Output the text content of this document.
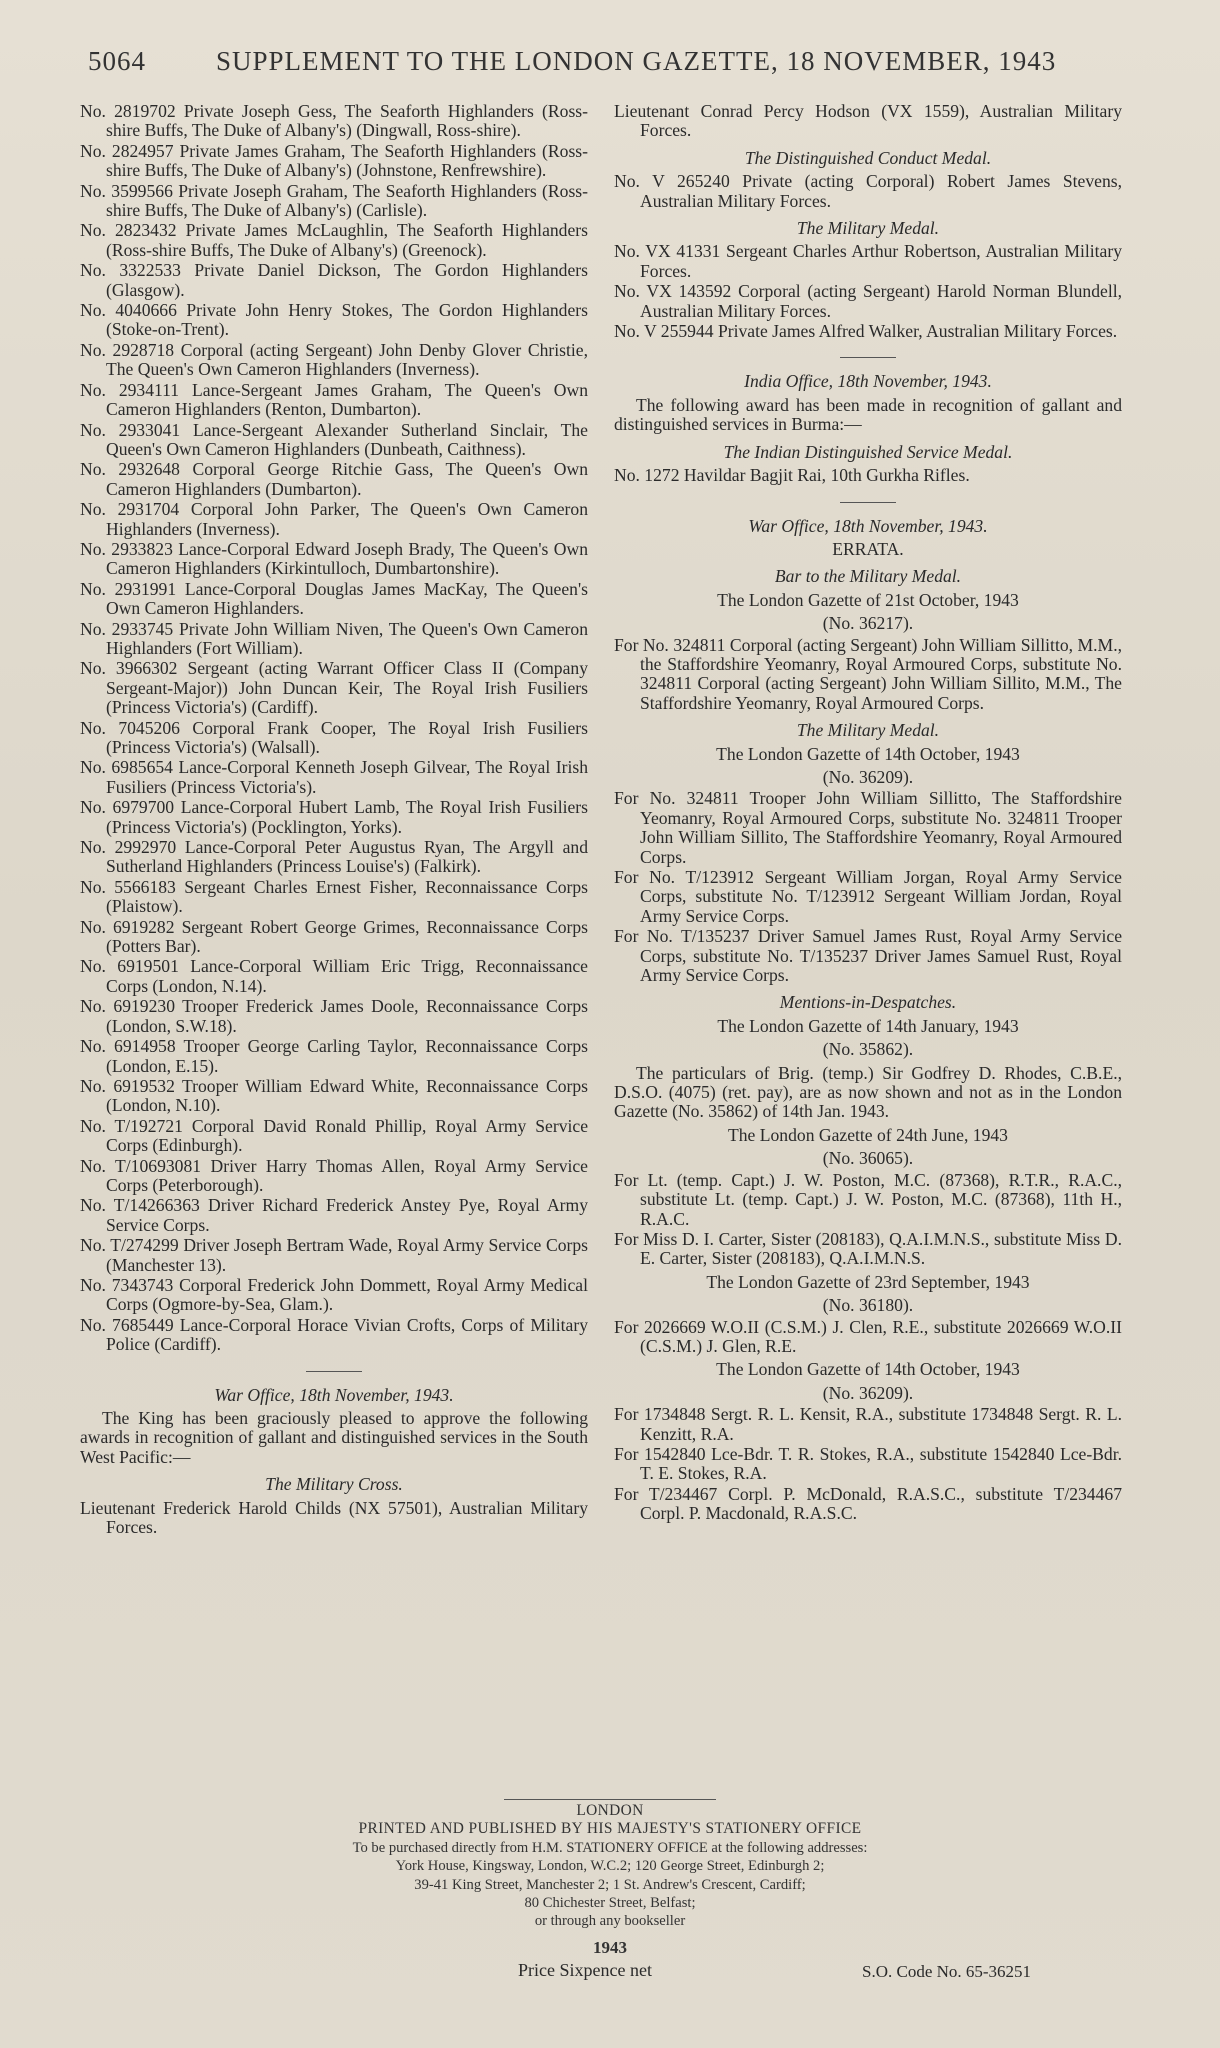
5064	SUPPLEMENT TO THE LONDON GAZETTE, 18 NOVEMBER, 1943
No. 2819702 Private Joseph Gess, The Seaforth Highlanders (Ross-shire Buffs, The Duke of Albany's) (Dingwall, Ross-shire).
No. 2824957 Private James Graham, The Seaforth Highlanders (Ross-shire Buffs, The Duke of Albany's) (Johnstone, Renfrewshire).
No. 3599566 Private Joseph Graham, The Seaforth Highlanders (Ross-shire Buffs, The Duke of Albany's) (Carlisle).
No. 2823432 Private James McLaughlin, The Seaforth Highlanders (Ross-shire Buffs, The Duke of Albany's) (Greenock).
No. 3322533 Private Daniel Dickson, The Gordon Highlanders (Glasgow).
No. 4040666 Private John Henry Stokes, The Gordon Highlanders (Stoke-on-Trent).
No. 2928718 Corporal (acting Sergeant) John Denby Glover Christie, The Queen's Own Cameron Highlanders (Inverness).
No. 2934111 Lance-Sergeant James Graham, The Queen's Own Cameron Highlanders (Renton, Dumbarton).
No. 2933041 Lance-Sergeant Alexander Sutherland Sinclair, The Queen's Own Cameron Highlanders (Dunbeath, Caithness).
No. 2932648 Corporal George Ritchie Gass, The Queen's Own Cameron Highlanders (Dumbarton).
No. 2931704 Corporal John Parker, The Queen's Own Cameron Highlanders (Inverness).
No. 2933823 Lance-Corporal Edward Joseph Brady, The Queen's Own Cameron Highlanders (Kirkintulloch, Dumbartonshire).
No. 2931991 Lance-Corporal Douglas James MacKay, The Queen's Own Cameron Highlanders.
No. 2933745 Private John William Niven, The Queen's Own Cameron Highlanders (Fort William).
No. 3966302 Sergeant (acting Warrant Officer Class II (Company Sergeant-Major)) John Duncan Keir, The Royal Irish Fusiliers (Princess Victoria's) (Cardiff).
No. 7045206 Corporal Frank Cooper, The Royal Irish Fusiliers (Princess Victoria's) (Walsall).
No. 6985654 Lance-Corporal Kenneth Joseph Gilvear, The Royal Irish Fusiliers (Princess Victoria's).
No. 6979700 Lance-Corporal Hubert Lamb, The Royal Irish Fusiliers (Princess Victoria's) (Pocklington, Yorks).
No. 2992970 Lance-Corporal Peter Augustus Ryan, The Argyll and Sutherland Highlanders (Princess Louise's) (Falkirk).
No. 5566183 Sergeant Charles Ernest Fisher, Reconnaissance Corps (Plaistow).
No. 6919282 Sergeant Robert George Grimes, Reconnaissance Corps (Potters Bar).
No. 6919501 Lance-Corporal William Eric Trigg, Reconnaissance Corps (London, N.14).
No. 6919230 Trooper Frederick James Doole, Reconnaissance Corps (London, S.W.18).
No. 6914958 Trooper George Carling Taylor, Reconnaissance Corps (London, E.15).
No. 6919532 Trooper William Edward White, Reconnaissance Corps (London, N.10).
No. T/192721 Corporal David Ronald Phillip, Royal Army Service Corps (Edinburgh).
No. T/10693081 Driver Harry Thomas Allen, Royal Army Service Corps (Peterborough).
No. T/14266363 Driver Richard Frederick Anstey Pye, Royal Army Service Corps.
No. T/274299 Driver Joseph Bertram Wade, Royal Army Service Corps (Manchester 13).
No. 7343743 Corporal Frederick John Dommett, Royal Army Medical Corps (Ogmore-by-Sea, Glam.).
No. 7685449 Lance-Corporal Horace Vivian Crofts, Corps of Military Police (Cardiff).
War Office, 18th November, 1943.
The King has been graciously pleased to approve the following awards in recognition of gallant and distinguished services in the South West Pacific:—
The Military Cross.
Lieutenant Frederick Harold Childs (NX 57501), Australian Military Forces.
Lieutenant Conrad Percy Hodson (VX 1559), Australian Military Forces.
The Distinguished Conduct Medal.
No. V 265240 Private (acting Corporal) Robert James Stevens, Australian Military Forces.
The Military Medal.
No. VX 41331 Sergeant Charles Arthur Robertson, Australian Military Forces.
No. VX 143592 Corporal (acting Sergeant) Harold Norman Blundell, Australian Military Forces.
No. V 255944 Private James Alfred Walker, Australian Military Forces.
India Office, 18th November, 1943.
The following award has been made in recognition of gallant and distinguished services in Burma:—
The Indian Distinguished Service Medal.
No. 1272 Havildar Bagjit Rai, 10th Gurkha Rifles.
War Office, 18th November, 1943.
ERRATA.
Bar to the Military Medal.
The London Gazette of 21st October, 1943
(No. 36217).
For No. 324811 Corporal (acting Sergeant) John William Sillitto, M.M., the Staffordshire Yeomanry, Royal Armoured Corps, substitute No. 324811 Corporal (acting Sergeant) John William Sillito, M.M., The Staffordshire Yeomanry, Royal Armoured Corps.
The Military Medal.
The London Gazette of 14th October, 1943
(No. 36209).
For No. 324811 Trooper John William Sillitto, The Staffordshire Yeomanry, Royal Armoured Corps, substitute No. 324811 Trooper John William Sillito, The Staffordshire Yeomanry, Royal Armoured Corps.
For No. T/123912 Sergeant William Jorgan, Royal Army Service Corps, substitute No. T/123912 Sergeant William Jordan, Royal Army Service Corps.
For No. T/135237 Driver Samuel James Rust, Royal Army Service Corps, substitute No. T/135237 Driver James Samuel Rust, Royal Army Service Corps.
Mentions-in-Despatches.
The London Gazette of 14th January, 1943
(No. 35862).
The particulars of Brig. (temp.) Sir Godfrey D. Rhodes, C.B.E., D.S.O. (4075) (ret. pay), are as now shown and not as in the London Gazette (No. 35862) of 14th Jan. 1943.
The London Gazette of 24th June, 1943
(No. 36065).
For Lt. (temp. Capt.) J. W. Poston, M.C. (87368), R.T.R., R.A.C., substitute Lt. (temp. Capt.) J. W. Poston, M.C. (87368), 11th H., R.A.C.
For Miss D. I. Carter, Sister (208183), Q.A.I.M.N.S., substitute Miss D. E. Carter, Sister (208183), Q.A.I.M.N.S.
The London Gazette of 23rd September, 1943
(No. 36180).
For 2026669 W.O.II (C.S.M.) J. Clen, R.E., substitute 2026669 W.O.II (C.S.M.) J. Glen, R.E.
The London Gazette of 14th October, 1943
(No. 36209).
For 1734848 Sergt. R. L. Kensit, R.A., substitute 1734848 Sergt. R. L. Kenzitt, R.A.
For 1542840 Lce-Bdr. T. R. Stokes, R.A., substitute 1542840 Lce-Bdr. T. E. Stokes, R.A.
For T/234467 Corpl. P. McDonald, R.A.S.C., substitute T/234467 Corpl. P. Macdonald, R.A.S.C.
LONDON
PRINTED AND PUBLISHED BY HIS MAJESTY'S STATIONERY OFFICE
To be purchased directly from H.M. STATIONERY OFFICE at the following addresses:
York House, Kingsway, London, W.C.2; 120 George Street, Edinburgh 2;
39-41 King Street, Manchester 2; 1 St. Andrew's Crescent, Cardiff;
80 Chichester Street, Belfast;
or through any bookseller
1943
Price Sixpence net	S.O. Code No. 65-36251
